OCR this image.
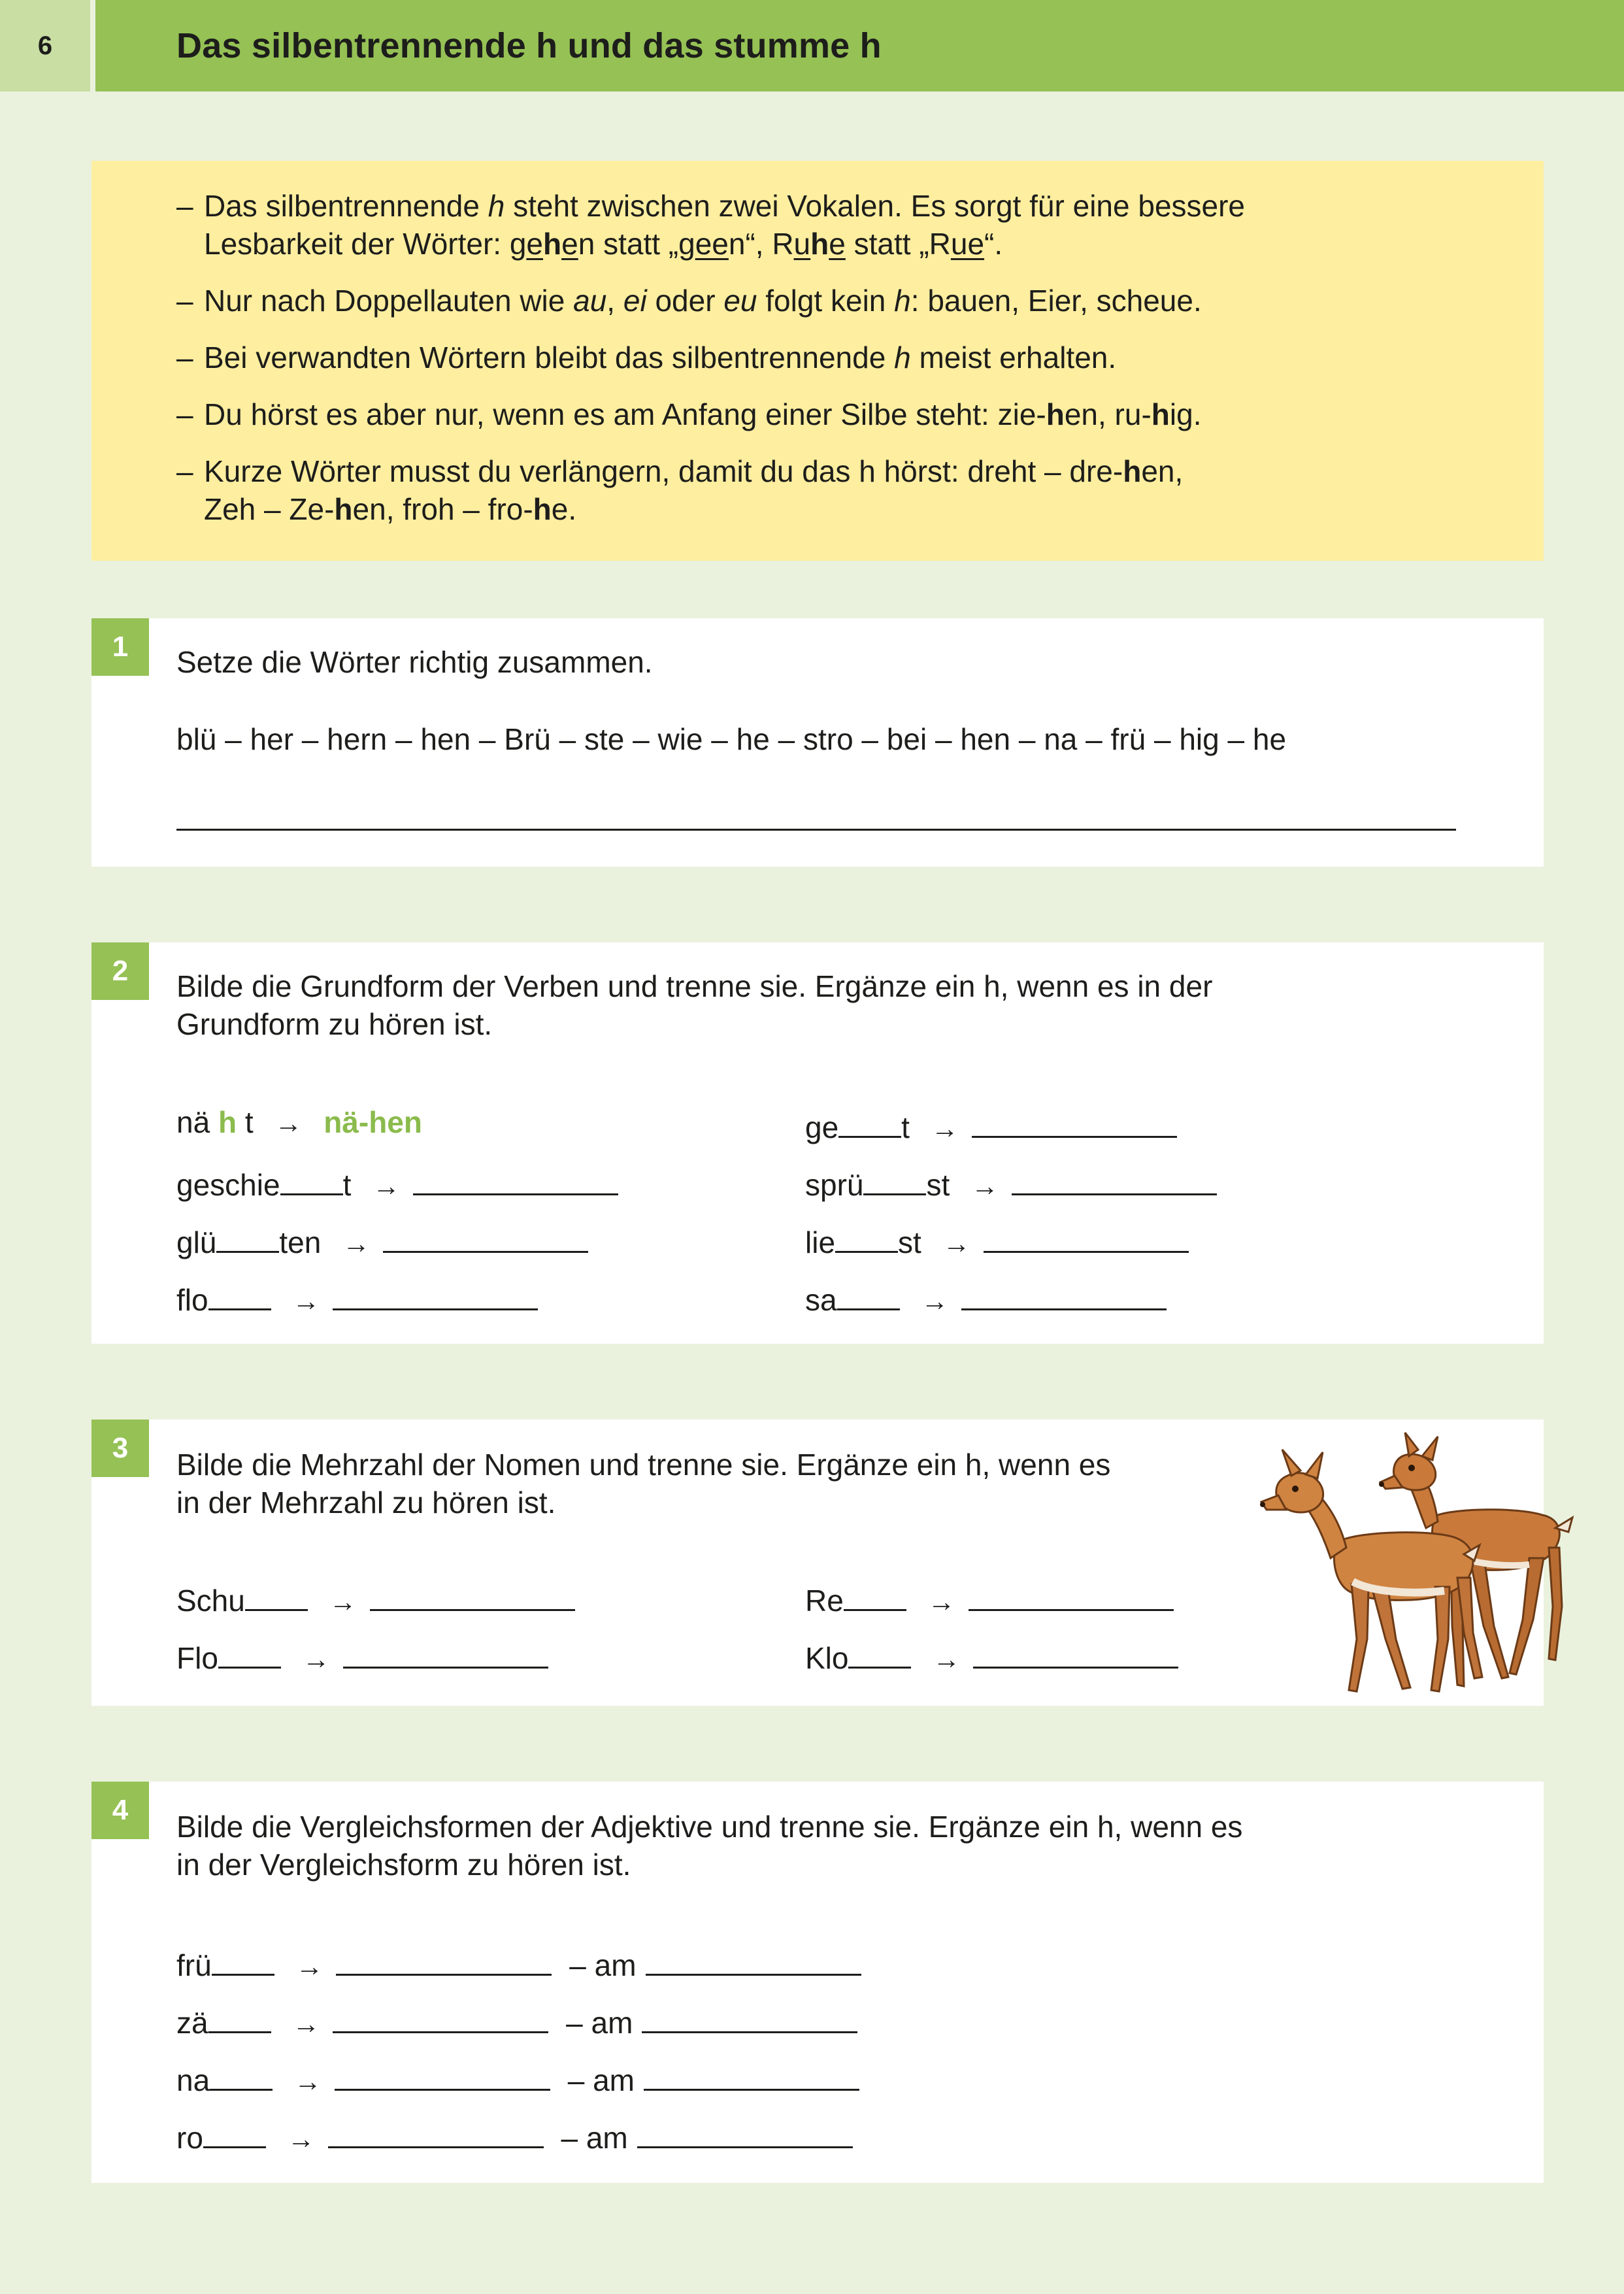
6	Das silbentrennende h und das stumme h
– Das silbentrennende h steht zwischen zwei Vokalen. Es sorgt für eine bessere
Lesbarkeit der Wörter: gehen statt „geen“, Ruhe statt „Rue“.
– Nur nach Doppellauten wie au, ei oder eu folgt kein h: bauen, Eier, scheue.
– Bei verwandten Wörtern bleibt das silbentrennende h meist erhalten.
– Du hörst es aber nur, wenn es am Anfang einer Silbe steht: zie-hen, ru-hig.
– Kurze Wörter musst du verlängern, damit du das h hörst: dreht – dre-hen,
Zeh – Ze-hen, froh – fro-he.
1	Setze die Wörter richtig zusammen.
blü – her – hern – hen – Brü – ste – wie – he – stro – bei – hen – na – frü – hig – he
2	Bilde die Grundform der Verben und trenne sie. Ergänze ein h, wenn es in der
Grundform zu hören ist.
nä h t → nä-hen
geschie t →
glü ten →
flo	→
ge t →
sprü st →
lie st →
sa	→
3	Bilde die Mehrzahl der Nomen und trenne sie. Ergänze ein h, wenn es
in der Mehrzahl zu hören ist.
Schu	→
Flo	→
Re	→
Klo	→
4	Bilde die Vergleichsformen der Adjektive und trenne sie. Ergänze ein h, wenn es
in der Vergleichsform zu hören ist.
frü	→	– am
zä	→	– am
na	→	– am
ro	→	– am
